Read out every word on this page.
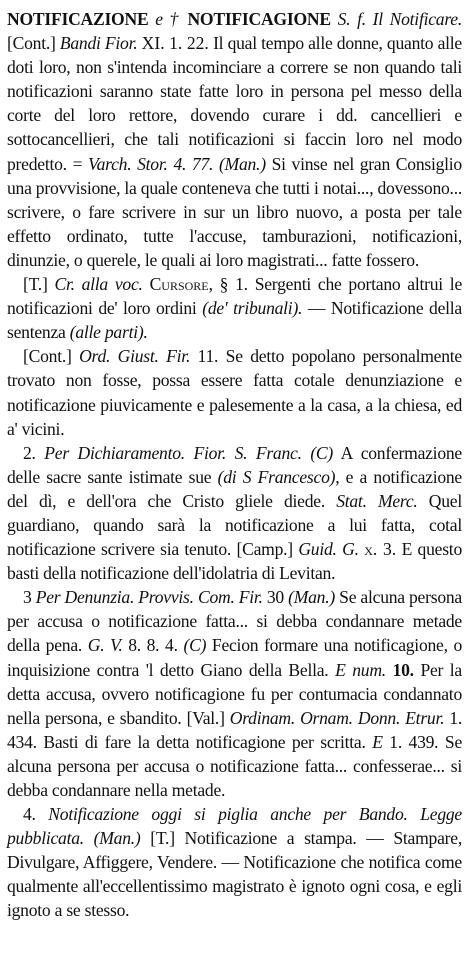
NOTIFICAZIONE e † NOTIFICAGIONE S. f. Il Notificare. [Cont.] Bandi Fior. XI. 1. 22. Il qual tempo alle donne, quanto alle doti loro, non s'intenda incominciare a correre se non quando tali notificazioni saranno state fatte loro in persona pel messo della corte del loro rettore, dovendo curare i dd. cancellieri e sottocancellieri, che tali notificazioni si faccin loro nel modo predetto. = Varch. Stor. 4. 77. (Man.) Si vinse nel gran Consiglio una provvisione, la quale conteneva che tutti i notai..., dovessono... scrivere, o fare scrivere in sur un libro nuovo, a posta per tale effetto ordinato, tutte l'accuse, tamburazioni, notificazioni, dinunzie, o querele, le quali ai loro magistrati... fatte fossero.

[T.] Cr. alla voc. Cursore, § 1. Sergenti che portano altrui le notificazioni de' loro ordini (de' tribunali). — Notificazione della sentenza (alle parti).

[Cont.] Ord. Giust. Fir. 11. Se detto popolano personalmente trovato non fosse, possa essere fatta cotale denunziazione e notificazione piuvicamente e palesemente a la casa, a la chiesa, ed a' vicini.

2. Per Dichiaramento. Fior. S. Franc. (C) A confermazione delle sacre sante istimate sue (di S Francesco), e a notificazione del dì, e dell'ora che Cristo gliele diede. Stat. Merc. Quel guardiano, quando sarà la notificazione a lui fatta, cotal notificazione scrivere sia tenuto. [Camp.] Guid. G. x. 3. E questo basti della notificazione dell'idolatria di Levitan.

3 Per Denunzia. Provvis. Com. Fir. 30 (Man.) Se alcuna persona per accusa o notificazione fatta... si debba condannare metade della pena. G. V. 8. 8. 4. (C) Fecion formare una notificagione, o inquisizione contra 'l detto Giano della Bella. E num. 10. Per la detta accusa, ovvero notificagione fu per contumacia condannato nella persona, e sbandito. [Val.] Ordinam. Ornam. Donn. Etrur. 1. 434. Basti di fare la detta notificagione per scritta. E 1. 439. Se alcuna persona per accusa o notificazione fatta... confesserae... si debba condannare nella metade.

4. Notificazione oggi si piglia anche per Bando. Legge pubblicata. (Man.) [T.] Notificazione a stampa. — Stampare, Divulgare, Affiggere, Vendere. — Notificazione che notifica come qualmente all'eccellentissimo magistrato è ignoto ogni cosa, e egli ignoto a se stesso.
